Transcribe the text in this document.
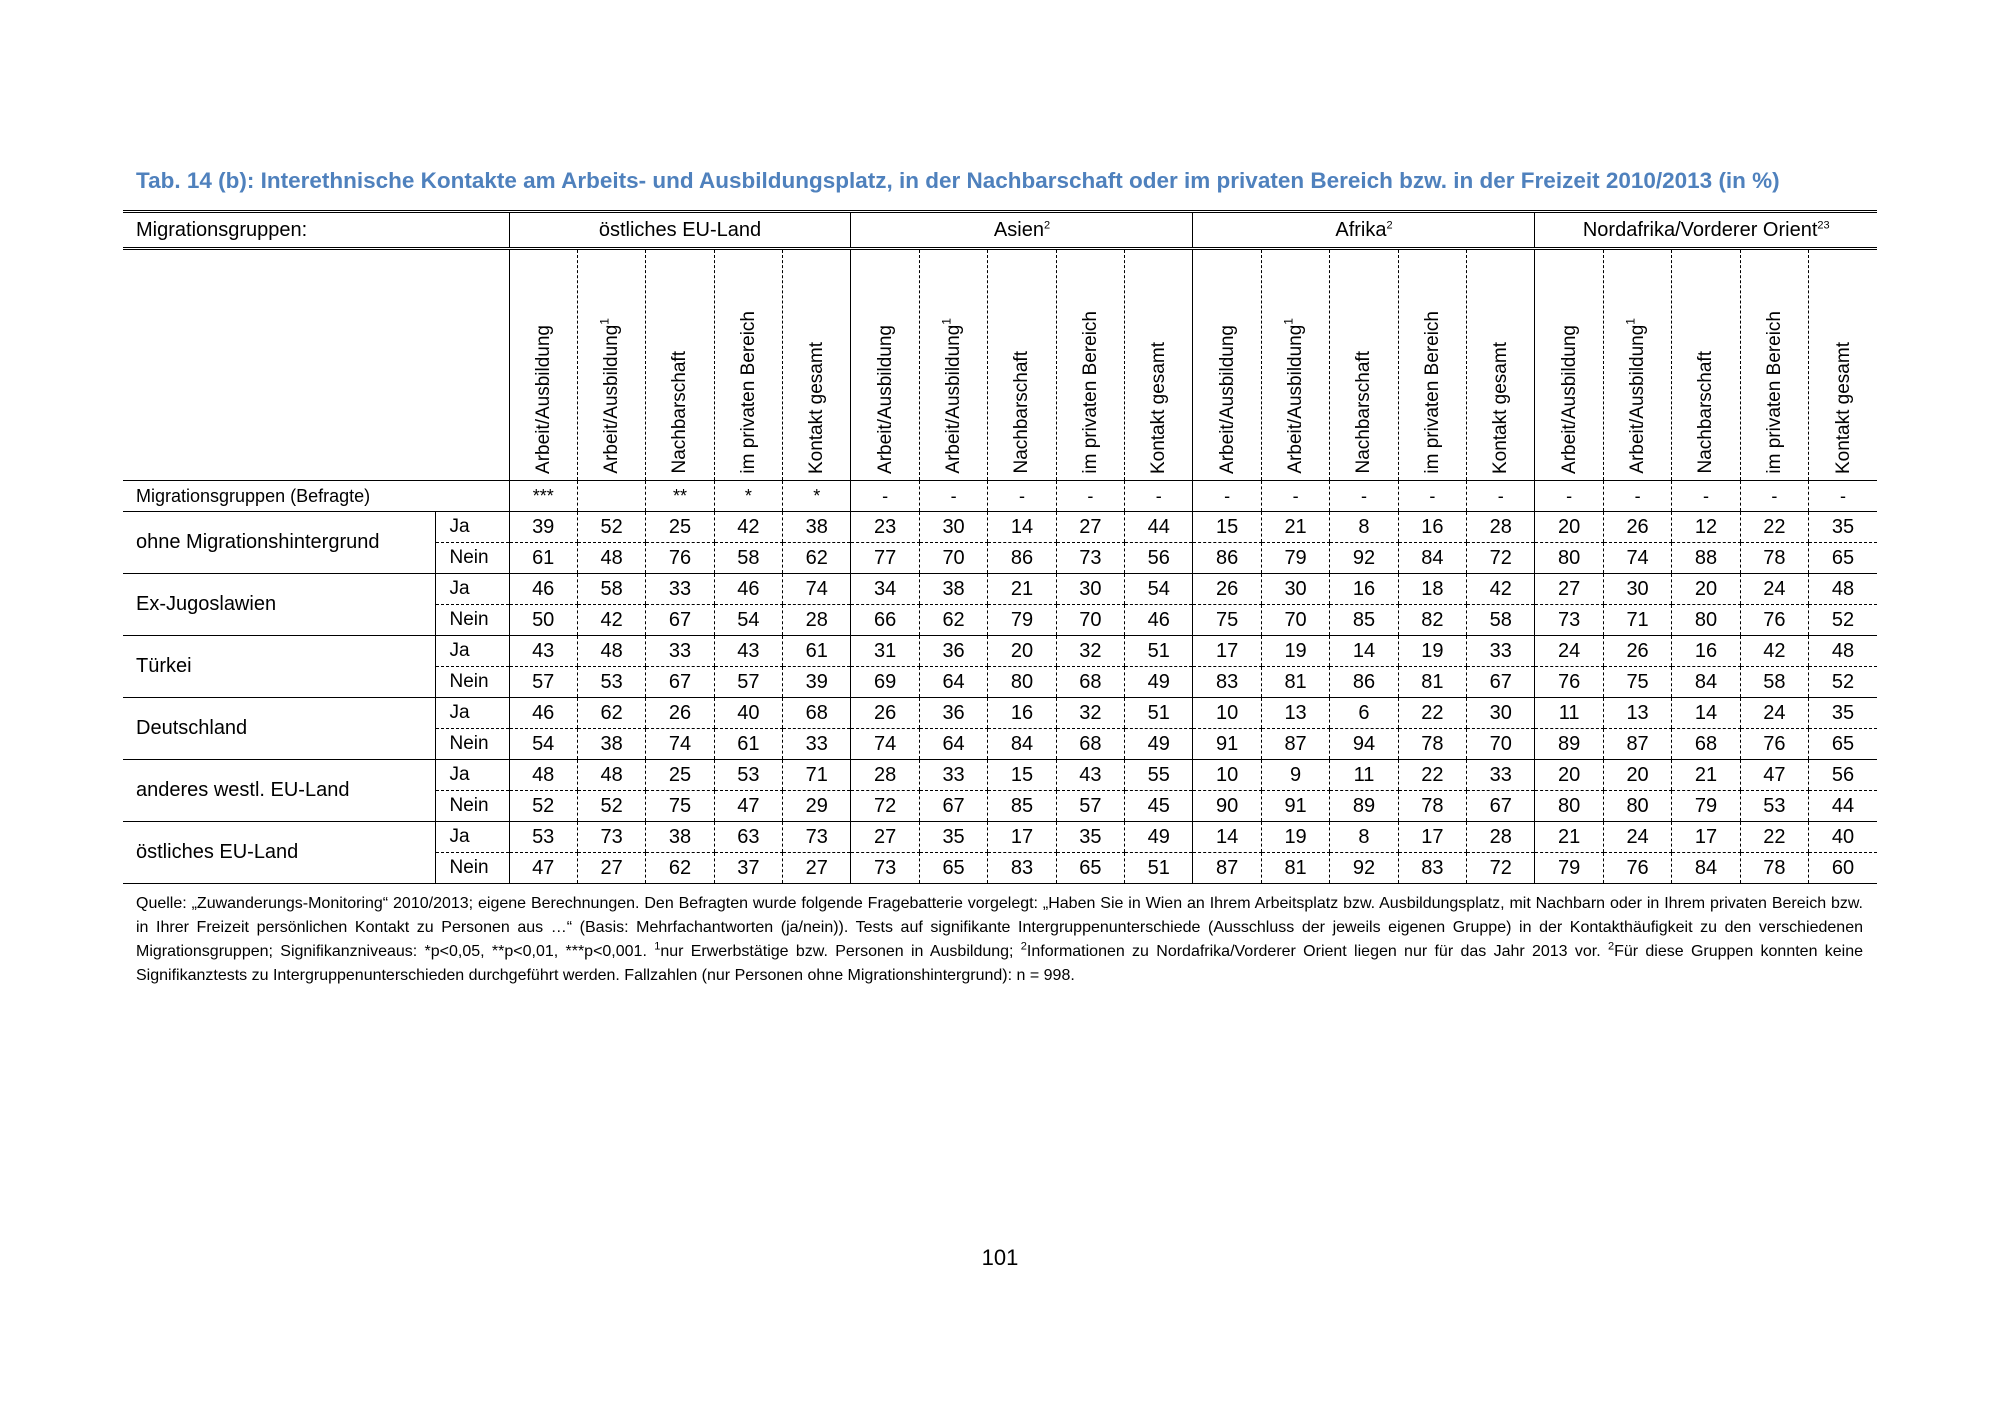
Tab. 14 (b): Interethnische Kontakte am Arbeits- und Ausbildungsplatz, in der Nachbarschaft oder im privaten Bereich bzw. in der Freizeit 2010/2013 (in %)
Migrationsgruppen:		östliches EU-Land					Asien$^2$					Afrika$^2$					Nordafrika/Vorderer Orient$^{23}$
		Arbeit/Ausbildung	Arbeit/Ausbildung$^1$	Nachbarschaft	im privaten Bereich	Kontakt gesamt	Arbeit/Ausbildung	Arbeit/Ausbildung$^1$	Nachbarschaft	im privaten Bereich	Kontakt gesamt	Arbeit/Ausbildung	Arbeit/Ausbildung$^1$	Nachbarschaft	im privaten Bereich	Kontakt gesamt	Arbeit/Ausbildung	Arbeit/Ausbildung$^1$	Nachbarschaft	im privaten Bereich	Kontakt gesamt
Migrationsgruppen (Befragte)		***		**	*	*	-	-	-	-	-	-	-	-	-	-	-	-	-	-	-
ohne Migrationshintergrund	Ja	39	52	25	42	38	23	30	14	27	44	15	21	8	16	28	20	26	12	22	35
	Nein	61	48	76	58	62	77	70	86	73	56	86	79	92	84	72	80	74	88	78	65
Ex-Jugoslawien	Ja	46	58	33	46	74	34	38	21	30	54	26	30	16	18	42	27	30	20	24	48
	Nein	50	42	67	54	28	66	62	79	70	46	75	70	85	82	58	73	71	80	76	52
Türkei	Ja	43	48	33	43	61	31	36	20	32	51	17	19	14	19	33	24	26	16	42	48
	Nein	57	53	67	57	39	69	64	80	68	49	83	81	86	81	67	76	75	84	58	52
Deutschland	Ja	46	62	26	40	68	26	36	16	32	51	10	13	6	22	30	11	13	14	24	35
	Nein	54	38	74	61	33	74	64	84	68	49	91	87	94	78	70	89	87	68	76	65
anderes westl. EU-Land	Ja	48	48	25	53	71	28	33	15	43	55	10	9	11	22	33	20	20	21	47	56
	Nein	52	52	75	47	29	72	67	85	57	45	90	91	89	78	67	80	80	79	53	44
östliches EU-Land	Ja	53	73	38	63	73	27	35	17	35	49	14	19	8	17	28	21	24	17	22	40
	Nein	47	27	62	37	27	73	65	83	65	51	87	81	92	83	72	79	76	84	78	60
Quelle: „Zuwanderungs-Monitoring“ 2010/2013; eigene Berechnungen. Den Befragten wurde folgende Fragebatterie vorgelegt: „Haben Sie in Wien an Ihrem Arbeitsplatz bzw. Ausbildungsplatz, mit Nachbarn oder in Ihrem privaten Bereich bzw. in Ihrer Freizeit persönlichen Kontakt zu Personen aus …“ (Basis: Mehrfachantworten (ja/nein)). Tests auf signifikante Intergruppenunterschiede (Ausschluss der jeweils eigenen Gruppe) in der Kontakthäufigkeit zu den verschiedenen Migrationsgruppen; Signifikanzniveaus: *p<0,05, **p<0,01, ***p<0,001. $^1$nur Erwerbstätige bzw. Personen in Ausbildung; $^2$Informationen zu Nordafrika/Vorderer Orient liegen nur für das Jahr 2013 vor. $^2$Für diese Gruppen konnten keine Signifikanztests zu Intergruppenunterschieden durchgeführt werden. Fallzahlen (nur Personen ohne Migrationshintergrund): n = 998.
101
